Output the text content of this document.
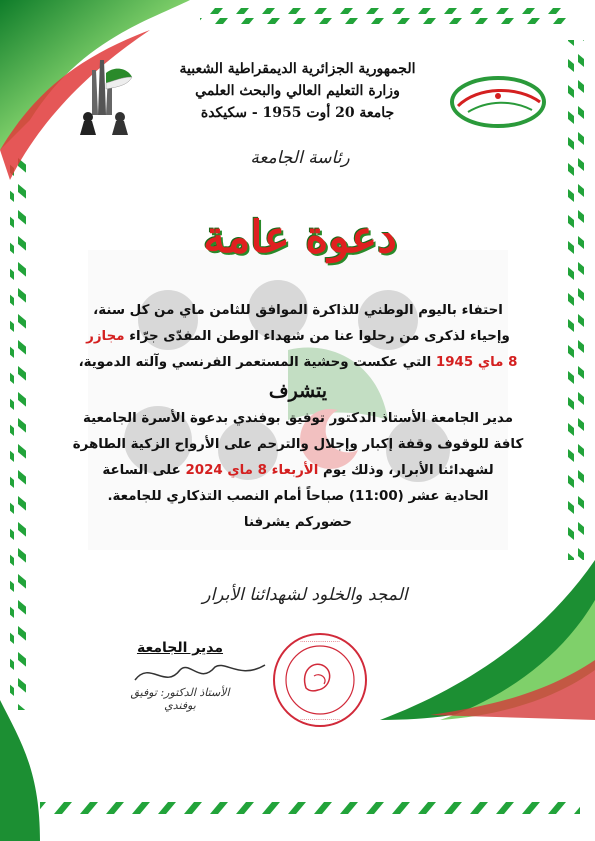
الجمهورية الجزائرية الديمقراطية الشعبية
وزارة التعليم العالي والبحث العلمي
جامعة 20 أوت 1955 - سكيكدة
رئاسة الجامعة
دعوة عامة
احتفاء باليوم الوطني للذاكرة الموافق للثامن ماي من كل سنة،
وإحياء لذكرى من رحلوا عنا من شهداء الوطن المفدّى جرّاء مجازر
8 ماي 1945 التي عكست وحشية المستعمر الفرنسي وآلته الدموية،
يتشرف
مدير الجامعة الأستاذ الدكتور توفيق بوفندي بدعوة الأسرة الجامعية
كافة للوقوف وقفة إكبار وإجلال والترحم على الأرواح الزكية الطاهرة
لشهدائنا الأبرار، وذلك يوم الأربعاء 8 ماي 2024 على الساعة
الحادية عشر (11:00) صباحاً أمام النصب التذكاري للجامعة.
حضوركم يشرفنا
المجد والخلود لشهدائنا الأبرار
مدير الجامعة
الأستاذ الدكتور: توفيق بوفندي
·····················
·····················
